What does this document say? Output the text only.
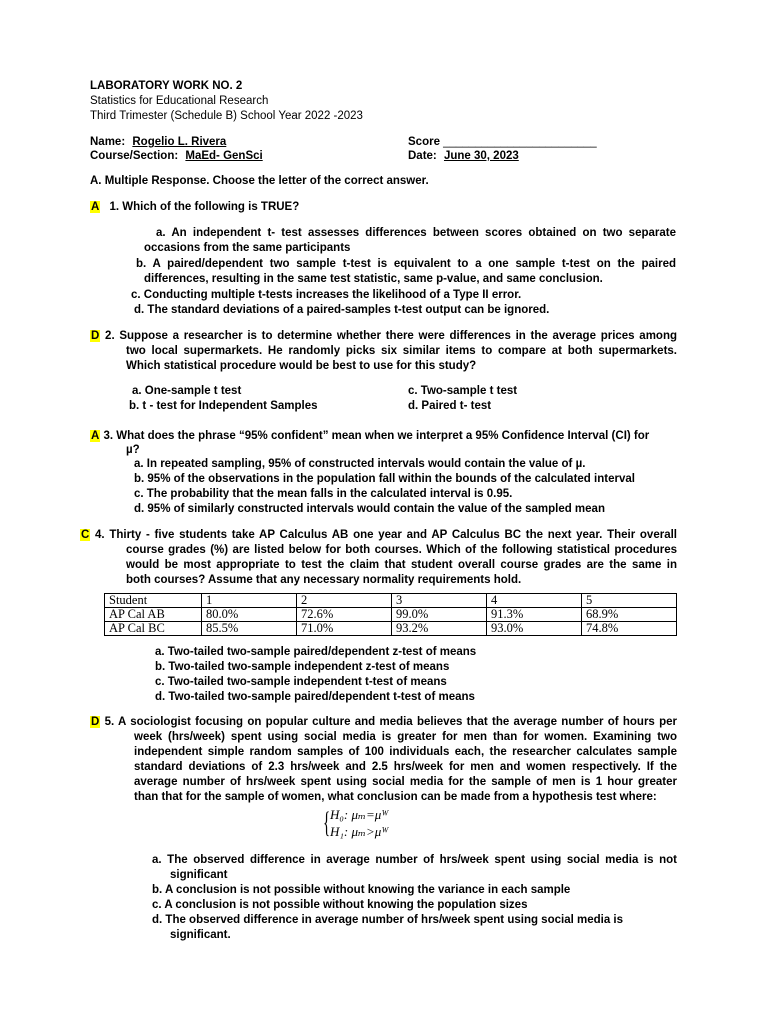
LABORATORY WORK NO. 2
Statistics for Educational Research
Third Trimester (Schedule B) School Year 2022 -2023
Name: Rogelio L. Rivera	Score ________________________
Course/Section: MaEd- GenSci	Date: June 30, 2023
A. Multiple Response. Choose the letter of the correct answer.
A 1. Which of the following is TRUE?
a. An independent t- test assesses differences between scores obtained on two separate
occasions from the same participants
b. A paired/dependent two sample t-test is equivalent to a one sample t-test on the paired
differences, resulting in the same test statistic, same p-value, and same conclusion.
c. Conducting multiple t-tests increases the likelihood of a Type II error.
d. The standard deviations of a paired-samples t-test output can be ignored.
D 2. Suppose a researcher is to determine whether there were differences in the average prices among
two local supermarkets. He randomly picks six similar items to compare at both supermarkets.
Which statistical procedure would be best to use for this study?
a. One-sample t test
b. t - test for Independent Samples
c. Two-sample t test
d. Paired t- test
A 3. What does the phrase “95% confident” mean when we interpret a 95% Confidence Interval (CI) for
µ?
a. In repeated sampling, 95% of constructed intervals would contain the value of µ.
b. 95% of the observations in the population fall within the bounds of the calculated interval
c. The probability that the mean falls in the calculated interval is 0.95.
d. 95% of similarly constructed intervals would contain the value of the sampled mean
C 4. Thirty - five students take AP Calculus AB one year and AP Calculus BC the next year. Their overall
course grades (%) are listed below for both courses. Which of the following statistical procedures
would be most appropriate to test the claim that student overall course grades are the same in
both courses? Assume that any necessary normality requirements hold.
Student	1	2	3	4	5
AP Cal AB	80.0%	72.6%	99.0%	91.3%	68.9%
AP Cal BC	85.5%	71.0%	93.2%	93.0%	74.8%
a. Two-tailed two-sample paired/dependent z-test of means
b. Two-tailed two-sample independent z-test of means
c. Two-tailed two-sample independent t-test of means
d. Two-tailed two-sample paired/dependent t-test of means
D 5. A sociologist focusing on popular culture and media believes that the average number of hours per
week (hrs/week) spent using social media is greater for men than for women. Examining two
independent simple random samples of 100 individuals each, the researcher calculates sample
standard deviations of 2.3 hrs/week and 2.5 hrs/week for men and women respectively. If the
average number of hrs/week spent using social media for the sample of men is 1 hour greater
than that for the sample of women, what conclusion can be made from a hypothesis test where:
{ H₀: μₘ=μᵂ
H₁: μₘ>μᵂ
a. The observed difference in average number of hrs/week spent using social media is not
significant
b. A conclusion is not possible without knowing the variance in each sample
c. A conclusion is not possible without knowing the population sizes
d. The observed difference in average number of hrs/week spent using social media is
significant.
